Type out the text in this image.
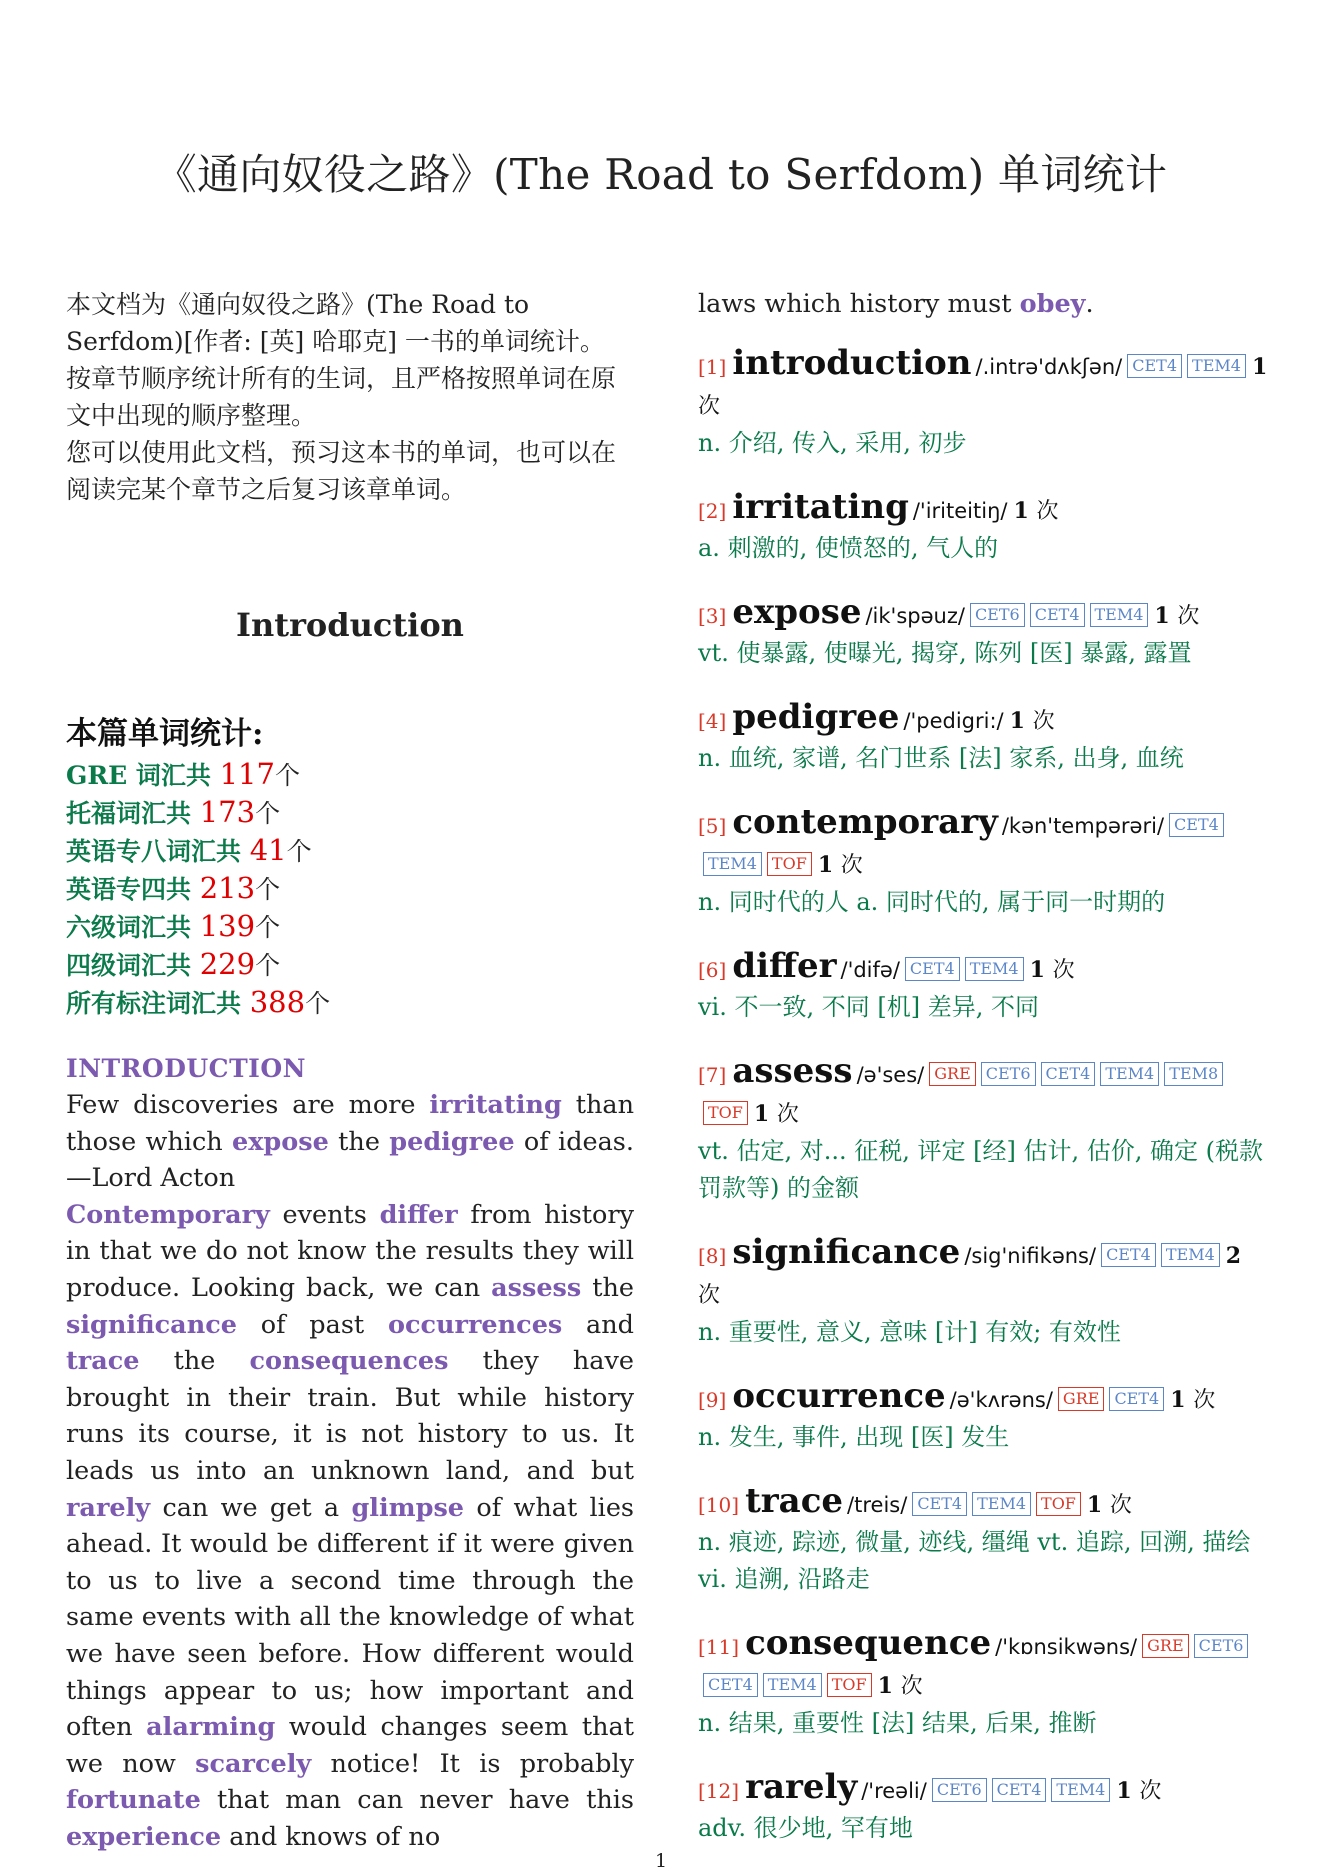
《通向奴役之路》(The Road to Serfdom) 单词统计

本文档为《通向奴役之路》(The Road to Serfdom)[作者: [英] 哈耶克] 一书的单词统计。

按章节顺序统计所有的生词，且严格按照单词在原文中出现的顺序整理。

您可以使用此文档，预习这本书的单词，也可以在阅读完某个章节之后复习该章单词。

Introduction
本篇单词统计:
GRE 词汇共 117个
托福词汇共 173个
英语专八词汇共 41个
英语专四共 213个
六级词汇共 139个
四级词汇共 229个
所有标注词汇共 388个
INTRODUCTION

Few discoveries are more irritating than those which expose the pedigree of ideas. —Lord Acton
Contemporary events differ from history in that we do not know the results they will produce. Looking back, we can assess the significance of past occurrences and trace the consequences they have brought in their train. But while history runs its course, it is not history to us. It leads us into an unknown land, and but rarely can we get a glimpse of what lies ahead. It would be different if it were given to us to live a second time through the same events with all the knowledge of what we have seen before. How different would things appear to us; how important and often alarming would changes seem that we now scarcely notice! It is probably fortunate that man can never have this experience and knows of no

laws which history must obey.

[1] introduction /.intrə'dʌkʃən/ CET4 TEM4 1 次
n. 介绍, 传入, 采用, 初步
[2] irritating /'iriteitiŋ/ 1 次
a. 刺激的, 使愤怒的, 气人的
[3] expose /ik'spəuz/ CET6 CET4 TEM4 1 次
vt. 使暴露, 使曝光, 揭穿, 陈列 [医] 暴露, 露置
[4] pedigree /'pedigri:/ 1 次
n. 血统, 家谱, 名门世系 [法] 家系, 出身, 血统
[5] contemporary /kən'tempərəri/ CET4TEM4 TOF 1 次
n. 同时代的人 a. 同时代的, 属于同一时期的
[6] differ /'difə/ CET4 TEM4 1 次
vi. 不一致, 不同 [机] 差异, 不同
[7] assess /ə'ses/ GRE CET6 CET4 TEM4 TEM8TOF 1 次
vt. 估定, 对... 征税, 评定 [经] 估计, 估价, 确定 (税款罚款等) 的金额
[8] significance /sig'nifikəns/ CET4 TEM4 2 次
n. 重要性, 意义, 意味 [计] 有效; 有效性
[9] occurrence /ə'kʌrəns/ GRE CET4 1 次
n. 发生, 事件, 出现 [医] 发生
[10] trace /treis/ CET4 TEM4 TOF 1 次
n. 痕迹, 踪迹, 微量, 迹线, 缰绳 vt. 追踪, 回溯, 描绘 vi. 追溯, 沿路走
[11] consequence /'kɒnsikwəns/ GRE CET6CET4 TEM4 TOF 1 次
n. 结果, 重要性 [法] 结果, 后果, 推断
[12] rarely /'reəli/ CET6 CET4 TEM4 1 次
adv. 很少地, 罕有地
1
